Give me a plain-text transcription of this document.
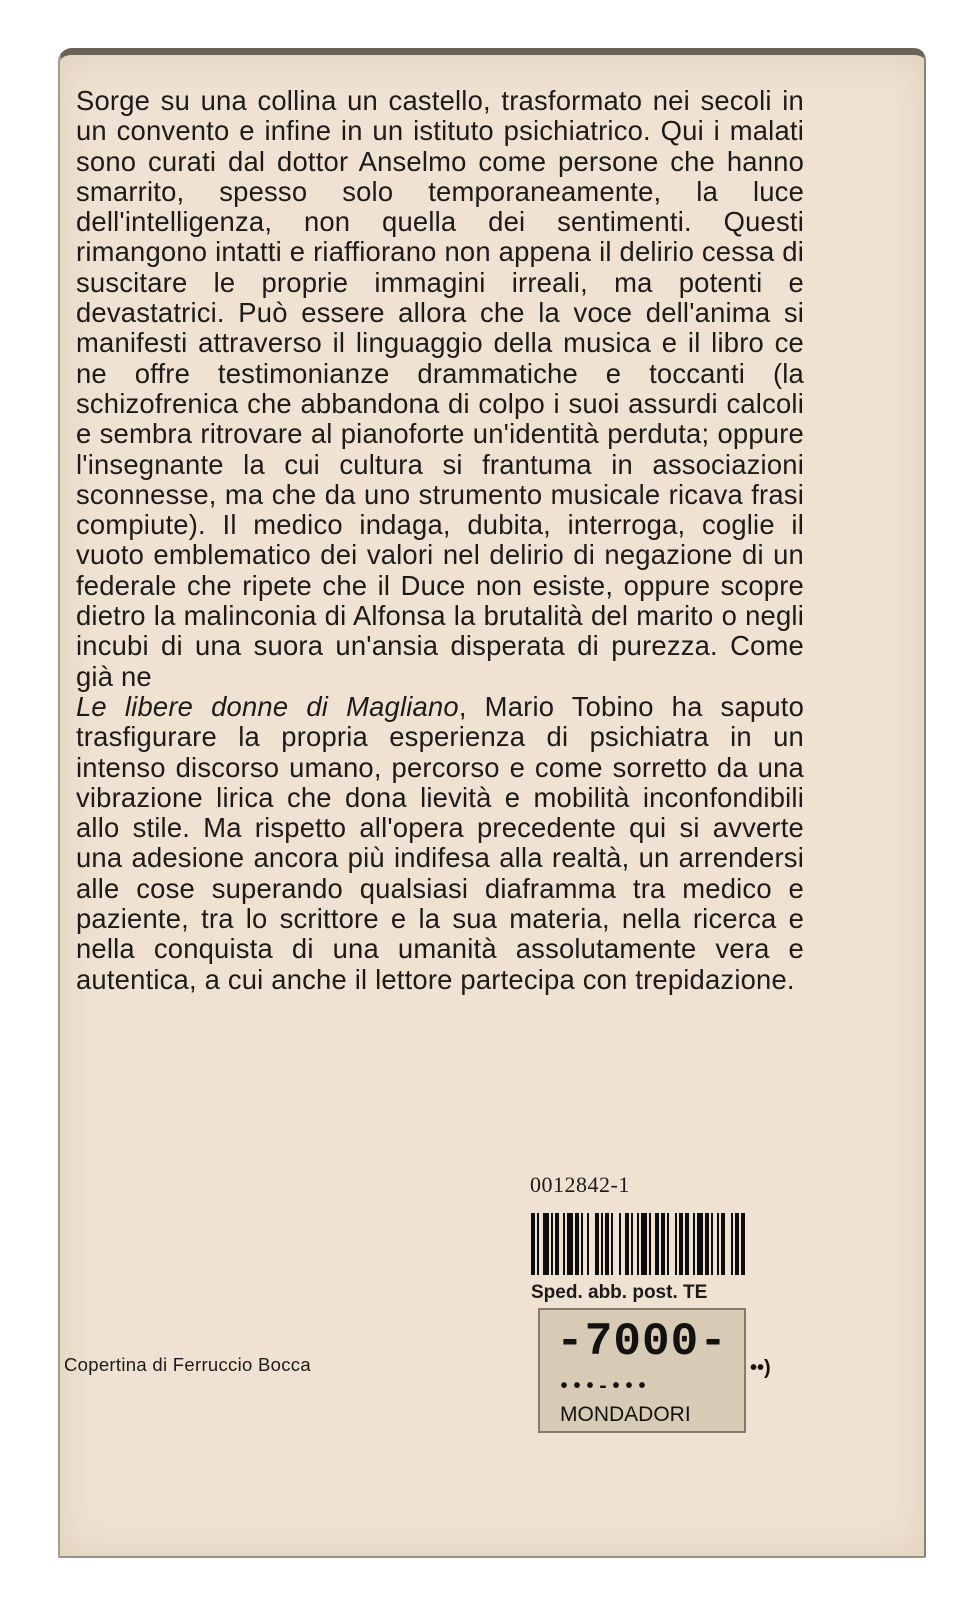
Sorge su una collina un castello, trasformato nei secoli in un convento e infine in un istituto psichiatrico. Qui i malati sono curati dal dottor Anselmo come persone che hanno smarrito, spesso solo temporaneamente, la luce dell'intelligenza, non quella dei sentimenti. Questi rimangono intatti e riaffiorano non appena il delirio cessa di suscitare le proprie immagini irreali, ma potenti e devastatrici. Può essere allora che la voce dell'anima si manifesti attraverso il linguaggio della musica e il libro ce ne offre testimonianze drammatiche e toccanti (la schizofrenica che abbandona di colpo i suoi assurdi calcoli e sembra ritrovare al pianoforte un'identità perduta; oppure l'insegnante la cui cultura si frantuma in associazioni sconnesse, ma che da uno strumento musicale ricava frasi compiute). Il medico indaga, dubita, interroga, coglie il vuoto emblematico dei valori nel delirio di negazione di un federale che ripete che il Duce non esiste, oppure scopre dietro la malinconia di Alfonsa la brutalità del marito o negli incubi di una suora un'ansia disperata di purezza. Come già ne
Le libere donne di Magliano, Mario Tobino ha saputo trasfigurare la propria esperienza di psichiatra in un intenso discorso umano, percorso e come sorretto da una vibrazione lirica che dona lievità e mobilità inconfondibili allo stile. Ma rispetto all'opera precedente qui si avverte una adesione ancora più indifesa alla realtà, un arrendersi alle cose superando qualsiasi diaframma tra medico e paziente, tra lo scrittore e la sua materia, nella ricerca e nella conquista di una umanità assolutamente vera e autentica, a cui anche il lettore partecipa con trepidazione.

0012842-1
Sped. abb. post. TE
-7000-
•••-•••
MONDADORI
••)
Copertina di Ferruccio Bocca
